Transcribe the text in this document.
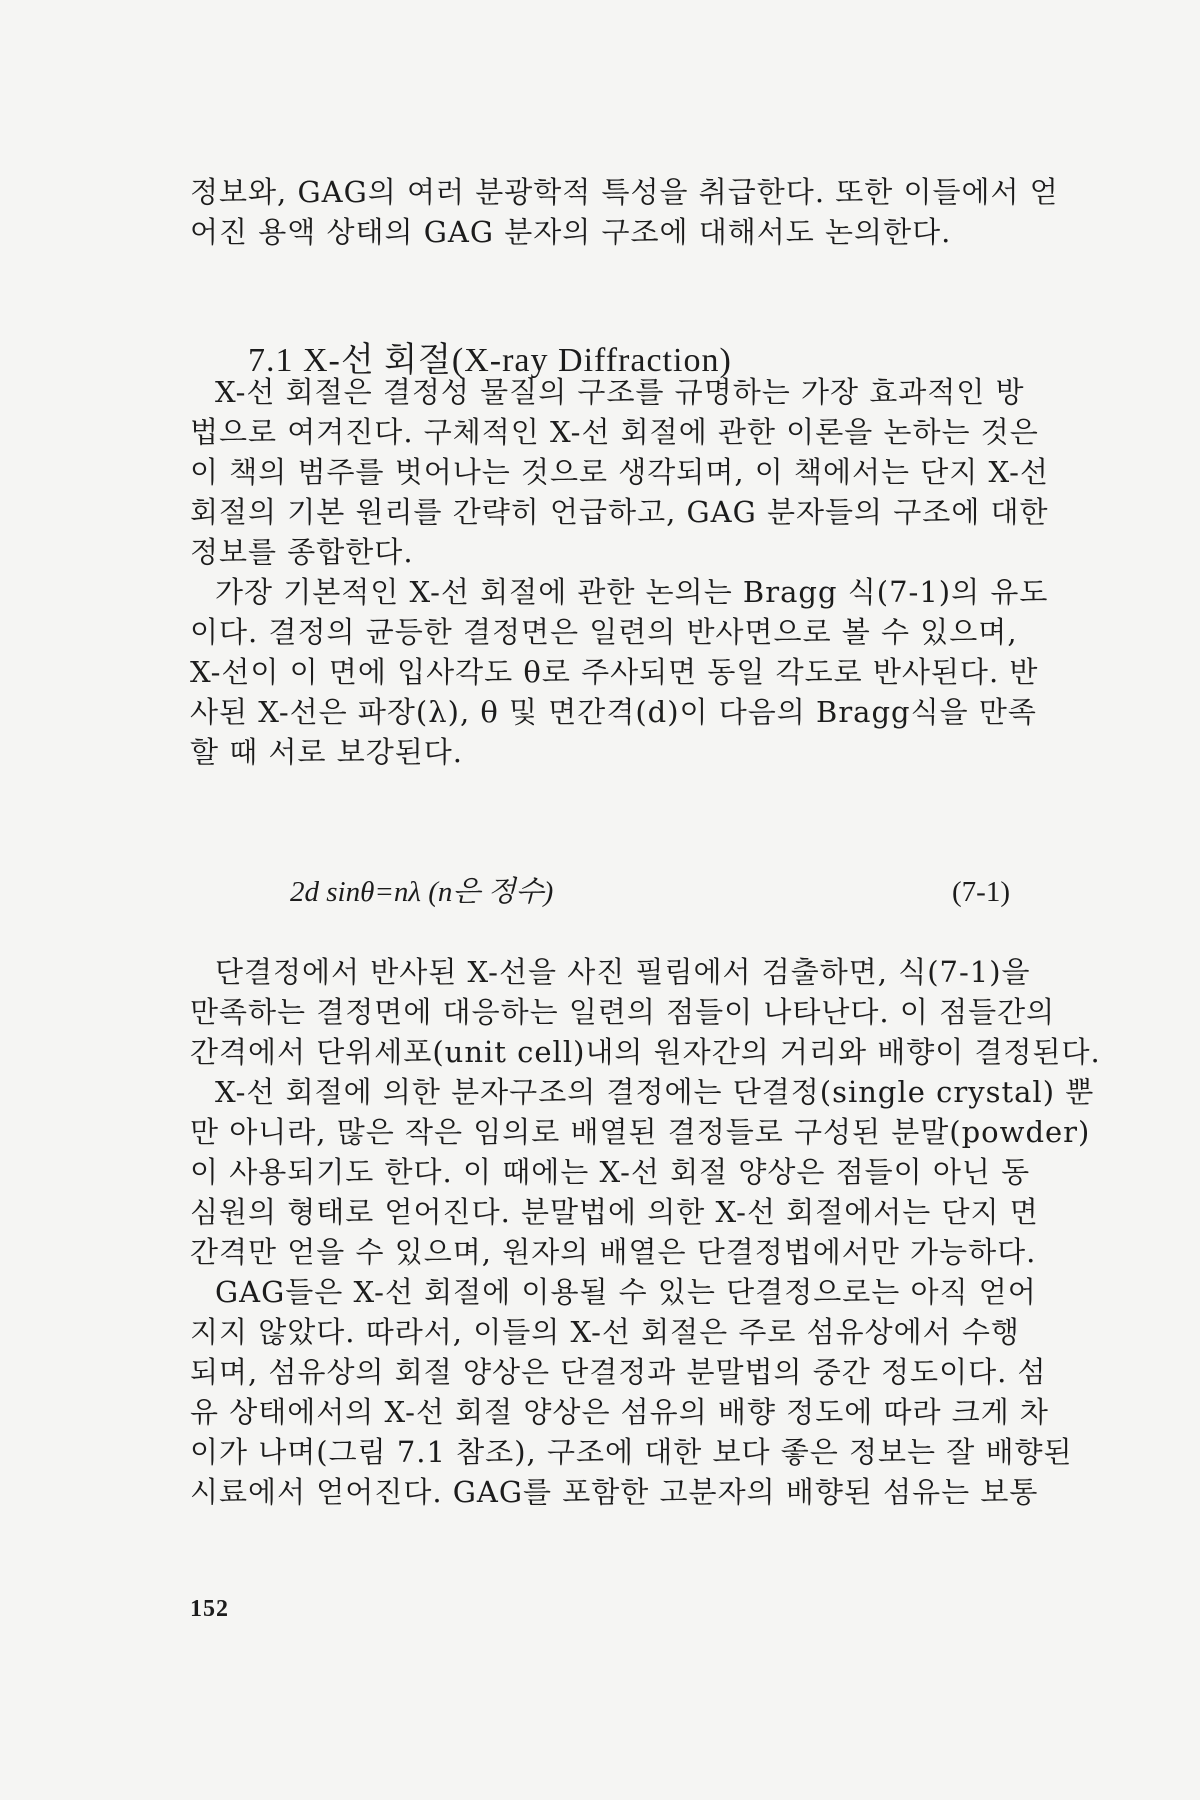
정보와, GAG의 여러 분광학적 특성을 취급한다. 또한 이들에서 얻

어진 용액 상태의 GAG 분자의 구조에 대해서도 논의한다.

7.1 X-선 회절(X-ray Diffraction)

X-선 회절은 결정성 물질의 구조를 규명하는 가장 효과적인 방

법으로 여겨진다. 구체적인 X-선 회절에 관한 이론을 논하는 것은

이 책의 범주를 벗어나는 것으로 생각되며, 이 책에서는 단지 X-선

회절의 기본 원리를 간략히 언급하고, GAG 분자들의 구조에 대한

정보를 종합한다.

가장 기본적인 X-선 회절에 관한 논의는 Bragg 식(7-1)의 유도

이다. 결정의 균등한 결정면은 일련의 반사면으로 볼 수 있으며,

X-선이 이 면에 입사각도 θ로 주사되면 동일 각도로 반사된다. 반

사된 X-선은 파장(λ), θ 및 면간격(d)이 다음의 Bragg식을 만족

할 때 서로 보강된다.

2d sinθ=nλ (n은 정수)	(7-1)

단결정에서 반사된 X-선을 사진 필림에서 검출하면, 식(7-1)을

만족하는 결정면에 대응하는 일련의 점들이 나타난다. 이 점들간의

간격에서 단위세포(unit cell)내의 원자간의 거리와 배향이 결정된다.

X-선 회절에 의한 분자구조의 결정에는 단결정(single crystal) 뿐

만 아니라, 많은 작은 임의로 배열된 결정들로 구성된 분말(powder)

이 사용되기도 한다. 이 때에는 X-선 회절 양상은 점들이 아닌 동

심원의 형태로 얻어진다. 분말법에 의한 X-선 회절에서는 단지 면

간격만 얻을 수 있으며, 원자의 배열은 단결정법에서만 가능하다.

GAG들은 X-선 회절에 이용될 수 있는 단결정으로는 아직 얻어

지지 않았다. 따라서, 이들의 X-선 회절은 주로 섬유상에서 수행

되며, 섬유상의 회절 양상은 단결정과 분말법의 중간 정도이다. 섬

유 상태에서의 X-선 회절 양상은 섬유의 배향 정도에 따라 크게 차

이가 나며(그림 7.1 참조), 구조에 대한 보다 좋은 정보는 잘 배향된

시료에서 얻어진다. GAG를 포함한 고분자의 배향된 섬유는 보통

152
